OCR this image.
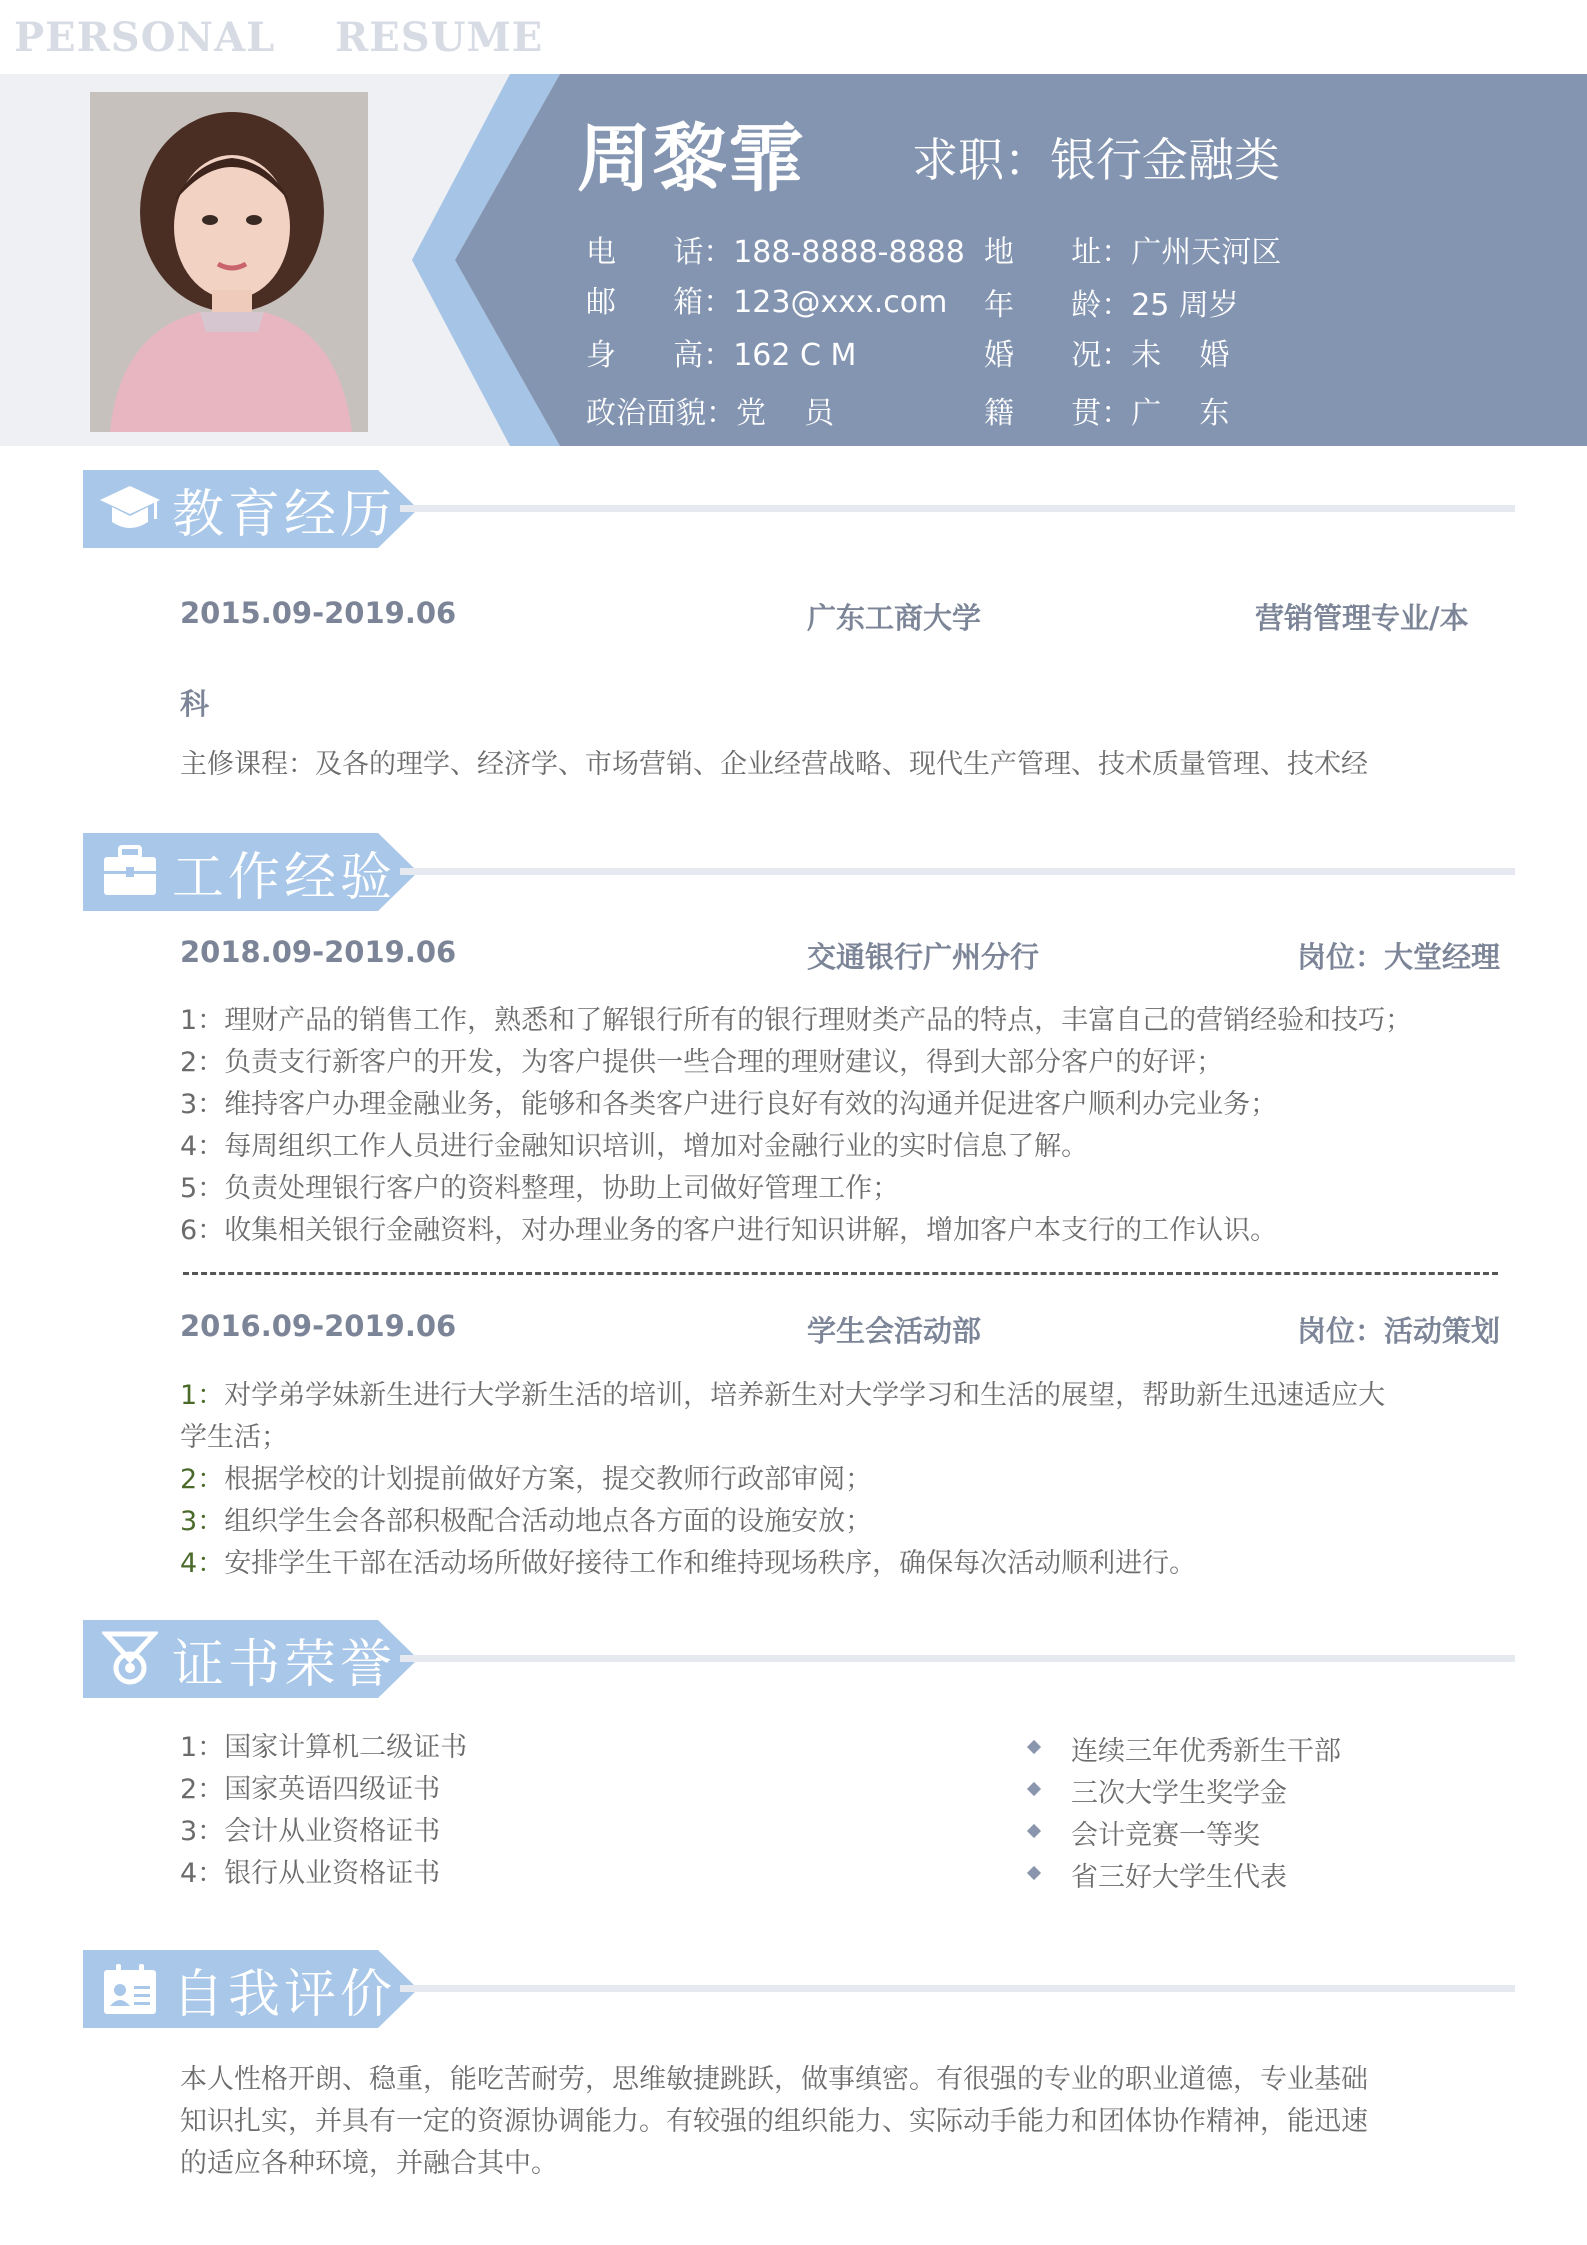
PERSONAL    RESUME
周黎霏 求职：银行金融类
电      话：188-8888-8888 地      址：广州天河区
邮      箱：123@xxx.com 年      龄：25 周岁
身      高：162 C M	婚      况：未    婚
政治面貌：党    员	籍      贯：广    东
教育经历
2015.09-2019.06	广东工商大学	营销管理专业/本
科
主修课程：及各的理学、经济学、市场营销、企业经营战略、现代生产管理、技术质量管理、技术经
工作经验
2018.09-2019.06	交通银行广州分行	岗位：大堂经理
1：理财产品的销售工作，熟悉和了解银行所有的银行理财类产品的特点，丰富自己的营销经验和技巧；
2：负责支行新客户的开发，为客户提供一些合理的理财建议，得到大部分客户的好评；
3：维持客户办理金融业务，能够和各类客户进行良好有效的沟通并促进客户顺利办完业务；
4：每周组织工作人员进行金融知识培训，增加对金融行业的实时信息了解。
5：负责处理银行客户的资料整理，协助上司做好管理工作；
6：收集相关银行金融资料，对办理业务的客户进行知识讲解，增加客户本支行的工作认识。
2016.09-2019.06	学生会活动部	岗位：活动策划
1：对学弟学妹新生进行大学新生活的培训，培养新生对大学学习和生活的展望，帮助新生迅速适应大
学生活；
2：根据学校的计划提前做好方案，提交教师行政部审阅；
3：组织学生会各部积极配合活动地点各方面的设施安放；
4：安排学生干部在活动场所做好接待工作和维持现场秩序，确保每次活动顺利进行。
证书荣誉
1：国家计算机二级证书
2：国家英语四级证书
3：会计从业资格证书
4：银行从业资格证书
连续三年优秀新生干部
三次大学生奖学金
会计竞赛一等奖
省三好大学生代表
自我评价
本人性格开朗、稳重，能吃苦耐劳，思维敏捷跳跃，做事缜密。有很强的专业的职业道德，专业基础
知识扎实，并具有一定的资源协调能力。有较强的组织能力、实际动手能力和团体协作精神，能迅速
的适应各种环境，并融合其中。
